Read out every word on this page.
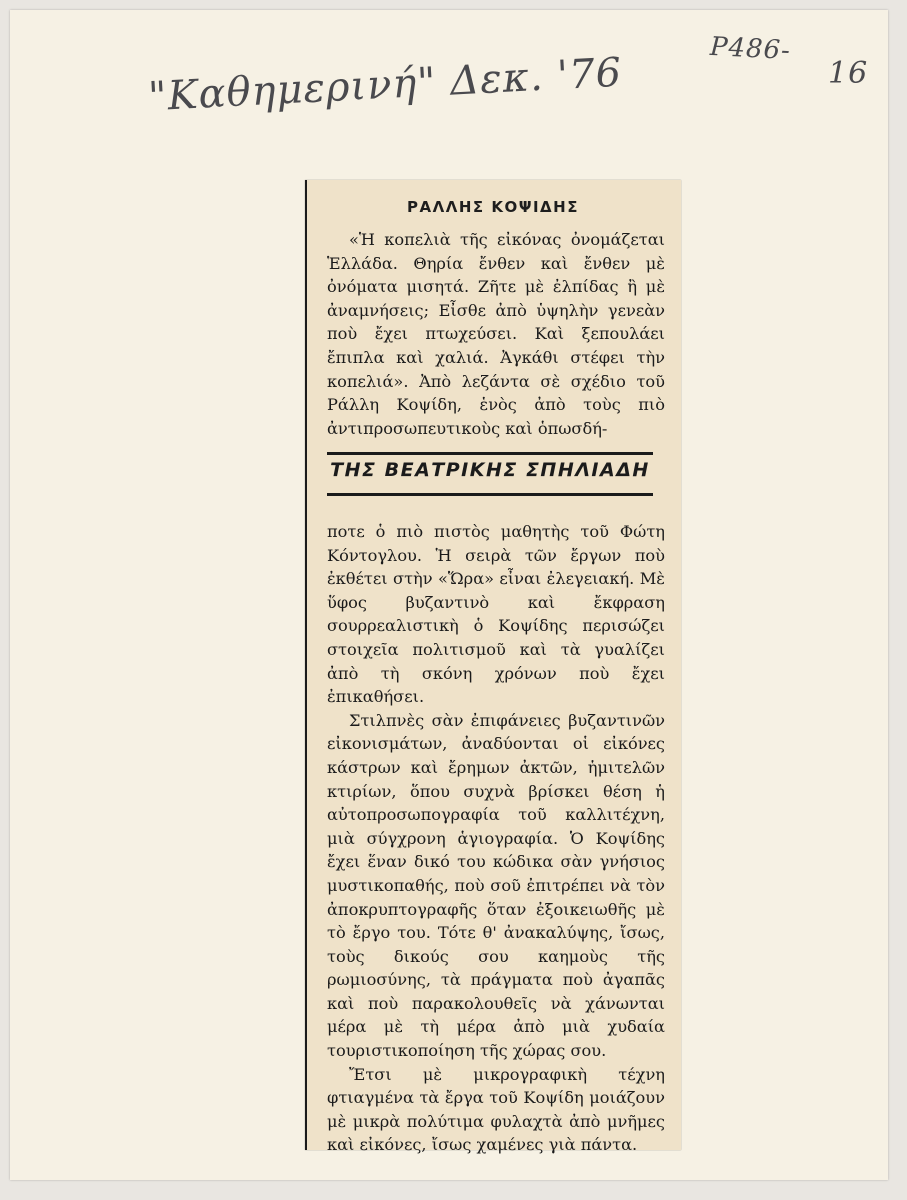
"Καθημερινή" Δεκ. '76
Ρ486-
16
ΡΑΛΛΗΣ ΚΟΨΙΔΗΣ

«Ἡ κοπελιὰ τῆς εἰκόνας ὀνομάζεται Ἑλλάδα. Θηρία ἔνθεν καὶ ἔνθεν μὲ ὀνόματα μισητά. Ζῆτε μὲ ἐλπίδας ἢ μὲ ἀναμνήσεις; Εἶσθε ἀπὸ ὑψηλὴν γενεὰν ποὺ ἔχει πτωχεύσει. Καὶ ξεπουλάει ἔπιπλα καὶ χαλιά. Ἀγκάθι στέφει τὴν κοπελιά». Ἀπὸ λεζάντα σὲ σχέδιο τοῦ Ράλλη Κοψίδη, ἑνὸς ἀπὸ τοὺς πιὸ ἀντιπροσωπευτικοὺς καὶ ὁπωσδή-

ΤΗΣ ΒΕΑΤΡΙΚΗΣ ΣΠΗΛΙΑΔΗ

ποτε ὁ πιὸ πιστὸς μαθητὴς τοῦ Φώτη Κόντογλου. Ἡ σειρὰ τῶν ἔργων ποὺ ἐκθέτει στὴν «Ὥρα» εἶναι ἐλεγειακή. Μὲ ὕφος βυζαντινὸ καὶ ἔκφραση σουρρεαλιστικὴ ὁ Κοψίδης περισώζει στοιχεῖα πολιτισμοῦ καὶ τὰ γυαλίζει ἀπὸ τὴ σκόνη χρόνων ποὺ ἔχει ἐπικαθήσει.

Στιλπνὲς σὰν ἐπιφάνειες βυζαντινῶν εἰκονισμάτων, ἀναδύονται οἱ εἰκόνες κάστρων καὶ ἔρημων ἀκτῶν, ἡμιτελῶν κτιρίων, ὅπου συχνὰ βρίσκει θέση ἡ αὐτοπροσωπογραφία τοῦ καλλιτέχνη, μιὰ σύγχρονη ἁγιογραφία. Ὁ Κοψίδης ἔχει ἕναν δικό του κώδικα σὰν γνήσιος μυστικοπαθής, ποὺ σοῦ ἐπιτρέπει νὰ τὸν ἀποκρυπτογραφῆς ὅταν ἐξοικειωθῆς μὲ τὸ ἔργο του. Τότε θ' ἀνακαλύψης, ἴσως, τοὺς δικούς σου καημοὺς τῆς ρωμιοσύνης, τὰ πράγματα ποὺ ἀγαπᾶς καὶ ποὺ παρακολουθεῖς νὰ χάνωνται μέρα μὲ τὴ μέρα ἀπὸ μιὰ χυδαία τουριστικοποίηση τῆς χώρας σου.

Ἔτσι μὲ μικρογραφικὴ τέχνη φτιαγμένα τὰ ἔργα τοῦ Κοψίδη μοιάζουν μὲ μικρὰ πολύτιμα φυλαχτὰ ἀπὸ μνῆμες καὶ εἰκόνες, ἴσως χαμένες γιὰ πάντα.
